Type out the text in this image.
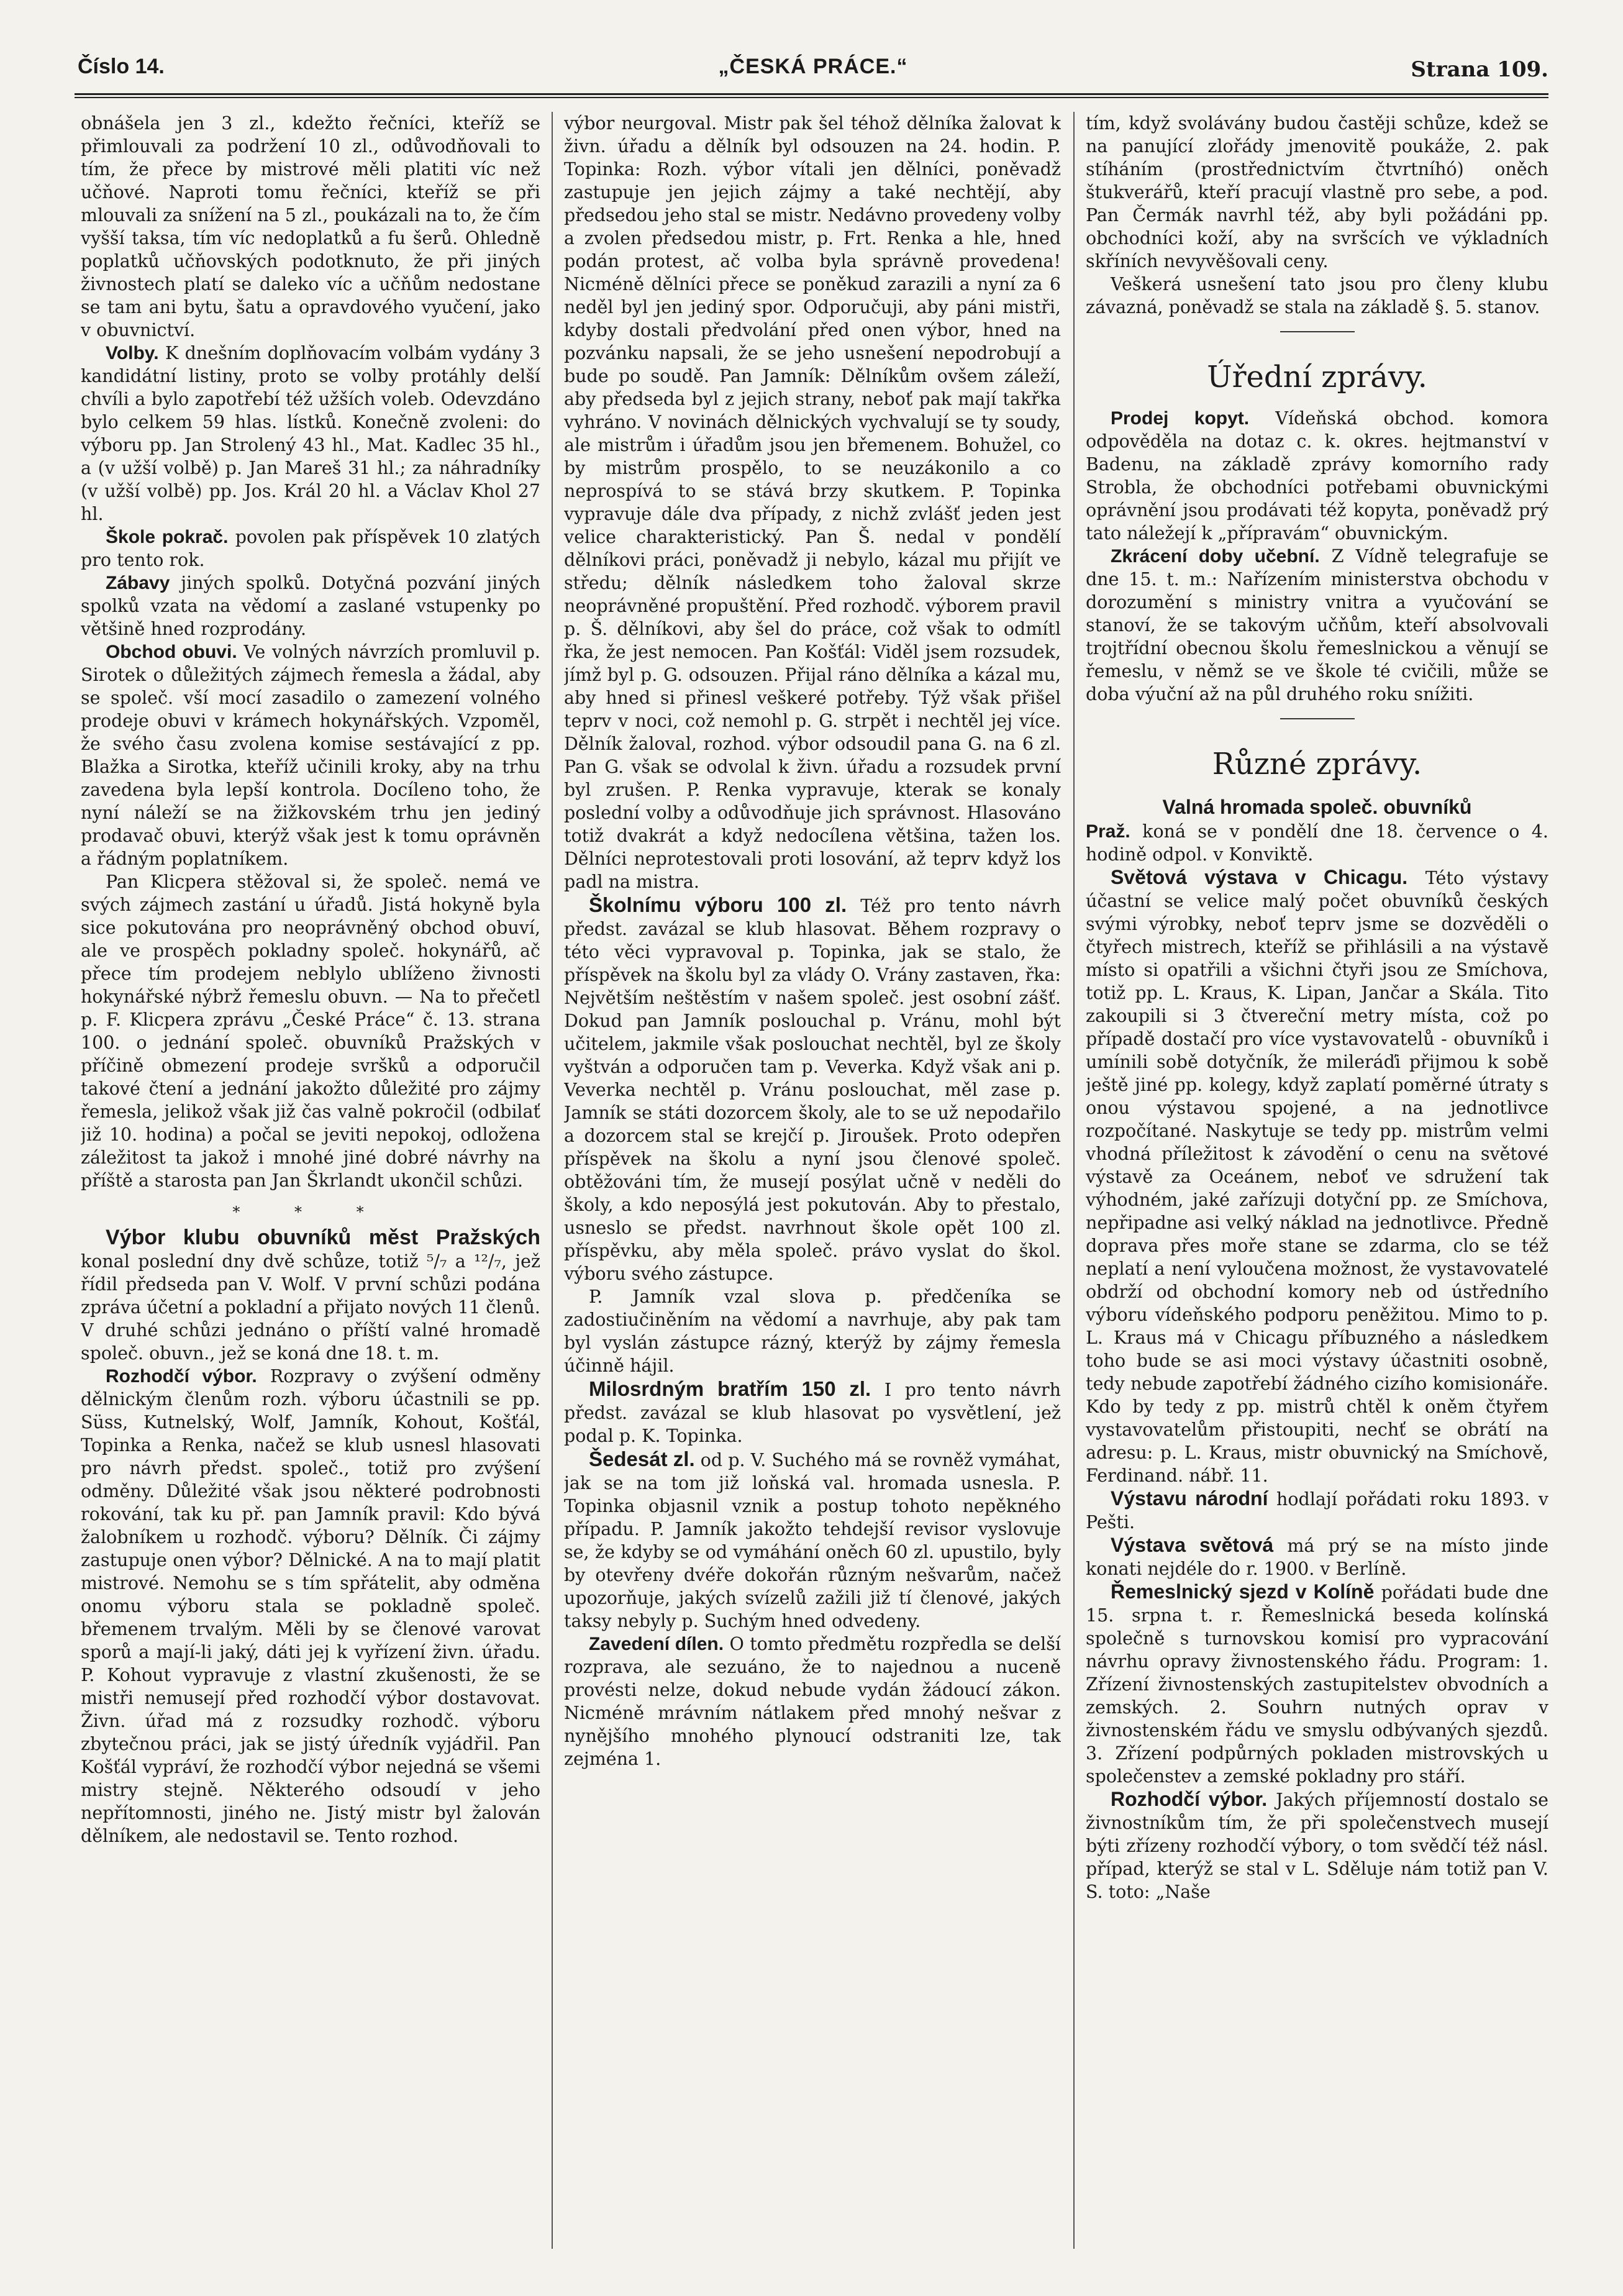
Číslo 14.	„ČESKÁ PRÁCE.“	Strana 109.

obnášela jen 3 zl., kdežto řečníci, kteříž se přimlouvali za podržení 10 zl., odůvodňovali to tím, že přece by mistrové měli platiti víc než učňové. Naproti tomu řečníci, kteříž se při mlouvali za snížení na 5 zl., poukázali na to, že čím vyšší taksa, tím víc nedoplatků a fu šerů. Ohledně poplatků učňovských podotknuto, že při jiných živnostech platí se daleko víc a učňům nedostane se tam ani bytu, šatu a opravdového vyučení, jako v obuvnictví.

Volby. K dnešním doplňovacím volbám vydány 3 kandidátní listiny, proto se volby protáhly delší chvíli a bylo zapotřebí též užších voleb. Odevzdáno bylo celkem 59 hlas. lístků. Konečně zvoleni: do výboru pp. Jan Strolený 43 hl., Mat. Kadlec 35 hl., a (v užší volbě) p. Jan Mareš 31 hl.; za náhradníky (v užší volbě) pp. Jos. Král 20 hl. a Václav Khol 27 hl.

Škole pokrač. povolen pak příspěvek 10 zlatých pro tento rok.

Zábavy jiných spolků. Dotyčná pozvání jiných spolků vzata na vědomí a zaslané vstupenky po většině hned rozprodány.

Obchod obuvi. Ve volných návrzích promluvil p. Sirotek o důležitých zájmech řemesla a žádal, aby se společ. vší mocí zasadilo o zamezení volného prodeje obuvi v krámech hokynářských. Vzpoměl, že svého času zvolena komise sestávající z pp. Blažka a Sirotka, kteříž učinili kroky, aby na trhu zavedena byla lepší kontrola. Docíleno toho, že nyní náleží se na žižkovském trhu jen jediný prodavač obuvi, kterýž však jest k tomu oprávněn a řádným poplatníkem.

Pan Klicpera stěžoval si, že společ. nemá ve svých zájmech zastání u úřadů. Jistá hokyně byla sice pokutována pro neoprávněný obchod obuví, ale ve prospěch pokladny společ. hokynářů, ač přece tím prodejem neblylo ublíženo živnosti hokynářské nýbrž řemeslu obuvn. — Na to přečetl p. F. Klicpera zprávu „České Práce“ č. 13. strana 100. o jednání společ. obuvníků Pražských v příčině obmezení prodeje svršků a odporučil takové čtení a jednání jakožto důležité pro zájmy řemesla, jelikož však již čas valně pokročil (odbilať již 10. hodina) a počal se jeviti nepokoj, odložena záležitost ta jakož i mnohé jiné dobré návrhy na příště a starosta pan Jan Škrlandt ukončil schůzi.

* * *

Výbor klubu obuvníků měst Pražských konal poslední dny dvě schůze, totiž ⁵/₇ a ¹²/₇, jež řídil předseda pan V. Wolf. V první schůzi podána zpráva účetní a pokladní a přijato nových 11 členů. V druhé schůzi jednáno o příští valné hromadě společ. obuvn., jež se koná dne 18. t. m.

Rozhodčí výbor. Rozpravy o zvýšení odměny dělnickým členům rozh. výboru účastnili se pp. Süss, Kutnelský, Wolf, Jamník, Kohout, Košťál, Topinka a Renka, načež se klub usnesl hlasovati pro návrh předst. společ., totiž pro zvýšení odměny. Důležité však jsou některé podrobnosti rokování, tak ku př. pan Jamník pravil: Kdo bývá žalobníkem u rozhodč. výboru? Dělník. Či zájmy zastupuje onen výbor? Dělnické. A na to mají platit mistrové. Nemohu se s tím spřátelit, aby odměna onomu výboru stala se pokladně společ. břemenem trvalým. Měli by se členové varovat sporů a mají-li jaký, dáti jej k vyřízení živn. úřadu. P. Kohout vypravuje z vlastní zkušenosti, že se mistři nemusejí před rozhodčí výbor dostavovat. Živn. úřad má z rozsudky rozhodč. výboru zbytečnou práci, jak se jistý úředník vyjádřil. Pan Košťál vypráví, že rozhodčí výbor nejedná se všemi mistry stejně. Některého odsoudí v jeho nepřítomnosti, jiného ne. Jistý mistr byl žalován dělníkem, ale nedostavil se. Tento rozhod.

výbor neurgoval. Mistr pak šel téhož dělníka žalovat k živn. úřadu a dělník byl odsouzen na 24. hodin. P. Topinka: Rozh. výbor vítali jen dělníci, poněvadž zastupuje jen jejich zájmy a také nechtějí, aby předsedou jeho stal se mistr. Nedávno provedeny volby a zvolen předsedou mistr, p. Frt. Renka a hle, hned podán protest, ač volba byla správně provedena! Nicméně dělníci přece se poněkud zarazili a nyní za 6 neděl byl jen jediný spor. Odporučuji, aby páni mistři, kdyby dostali předvolání před onen výbor, hned na pozvánku napsali, že se jeho usnešení nepodrobují a bude po soudě. Pan Jamník: Dělníkům ovšem záleží, aby předseda byl z jejich strany, neboť pak mají takřka vyhráno. V novinách dělnických vychvalují se ty soudy, ale mistrům i úřadům jsou jen břemenem. Bohužel, co by mistrům prospělo, to se neuzákonilo a co neprospívá to se stává brzy skutkem. P. Topinka vypravuje dále dva případy, z nichž zvlášť jeden jest velice charakteristický. Pan Š. nedal v pondělí dělníkovi práci, poněvadž ji nebylo, kázal mu přijít ve středu; dělník následkem toho žaloval skrze neoprávněné propuštění. Před rozhodč. výborem pravil p. Š. dělníkovi, aby šel do práce, což však to odmítl řka, že jest nemocen. Pan Košťál: Viděl jsem rozsudek, jímž byl p. G. odsouzen. Přijal ráno dělníka a kázal mu, aby hned si přinesl veškeré potřeby. Týž však přišel teprv v noci, což nemohl p. G. strpět i nechtěl jej více. Dělník žaloval, rozhod. výbor odsoudil pana G. na 6 zl. Pan G. však se odvolal k živn. úřadu a rozsudek první byl zrušen. P. Renka vypravuje, kterak se konaly poslední volby a odůvodňuje jich správnost. Hlasováno totiž dvakrát a když nedocílena většina, tažen los. Dělníci neprotestovali proti losování, až teprv když los padl na mistra.

Školnímu výboru 100 zl. Též pro tento návrh předst. zavázal se klub hlasovat. Během rozpravy o této věci vypravoval p. Topinka, jak se stalo, že příspěvek na školu byl za vlády O. Vrány zastaven, řka: Největším neštěstím v našem společ. jest osobní zášť. Dokud pan Jamník poslouchal p. Vránu, mohl být učitelem, jakmile však poslouchat nechtěl, byl ze školy vyštván a odporučen tam p. Veverka. Když však ani p. Veverka nechtěl p. Vránu poslouchat, měl zase p. Jamník se státi dozorcem školy, ale to se už nepodařilo a dozorcem stal se krejčí p. Jiroušek. Proto odepřen příspěvek na školu a nyní jsou členové společ. obtěžováni tím, že musejí posýlat učně v neděli do školy, a kdo neposýlá jest pokutován. Aby to přestalo, usneslo se předst. navrhnout škole opět 100 zl. příspěvku, aby měla společ. právo vyslat do škol. výboru svého zástupce.

P. Jamník vzal slova p. předčeníka se zadostiučiněním na vědomí a navrhuje, aby pak tam byl vyslán zástupce rázný, kterýž by zájmy řemesla účinně hájil.

Milosrdným bratřím 150 zl. I pro tento návrh předst. zavázal se klub hlasovat po vysvětlení, jež podal p. K. Topinka.

Šedesát zl. od p. V. Suchého má se rovněž vymáhat, jak se na tom již loňská val. hromada usnesla. P. Topinka objasnil vznik a postup tohoto nepěkného případu. P. Jamník jakožto tehdejší revisor vyslovuje se, že kdyby se od vymáhání oněch 60 zl. upustilo, byly by otevřeny dvéře dokořán různým nešvarům, načež upozorňuje, jakých svízelů zažili již tí členové, jakých taksy nebyly p. Suchým hned odvedeny.

Zavedení dílen. O tomto předmětu rozpředla se delší rozprava, ale sezuáno, že to najednou a nuceně provésti nelze, dokud nebude vydán žádoucí zákon. Nicméně mrávním nátlakem před mnohý nešvar z nynějšího mnohého plynoucí odstraniti lze, tak zejména 1.

tím, když svolávány budou častěji schůze, kdež se na panující zlořády jmenovitě poukáže, 2. pak stíháním (prostřednictvím čtvrtníhó) oněch štukverářů, kteří pracují vlastně pro sebe, a pod. Pan Čermák navrhl též, aby byli požádáni pp. obchodníci koží, aby na svršcích ve výkladních skříních nevyvěšovali ceny.

Veškerá usnešení tato jsou pro členy klubu závazná, poněvadž se stala na základě §. 5. stanov.

Úřední zprávy.

Prodej kopyt. Vídeňská obchod. komora odpověděla na dotaz c. k. okres. hejtmanství v Badenu, na základě zprávy komorního rady Strobla, že obchodníci potřebami obuvnickými oprávnění jsou prodávati též kopyta, poněvadž prý tato náležejí k „přípravám“ obuvnickým.

Zkrácení doby učební. Z Vídně telegrafuje se dne 15. t. m.: Nařízením ministerstva obchodu v dorozumění s ministry vnitra a vyučování se stanoví, že se takovým učňům, kteří absolvovali trojtřídní obecnou školu řemeslnickou a věnují se řemeslu, v němž se ve škole té cvičili, může se doba výuční až na půl druhého roku snížiti.

Různé zprávy.
Valná hromada společ. obuvníků

Praž. koná se v pondělí dne 18. července o 4. hodině odpol. v Konviktě.

Světová výstava v Chicagu. Této výstavy účastní se velice malý počet obuvníků českých svými výrobky, neboť teprv jsme se dozvěděli o čtyřech mistrech, kteříž se přihlásili a na výstavě místo si opatřili a všichni čtyři jsou ze Smíchova, totiž pp. L. Kraus, K. Lipan, Jančar a Skála. Tito zakoupili si 3 čtvereční metry místa, což po případě dostačí pro více vystavovatelů - obuvníků i umínili sobě dotyčník, že mileráďi přijmou k sobě ještě jiné pp. kolegy, když zaplatí poměrné útraty s onou výstavou spojené, a na jednotlivce rozpočítané. Naskytuje se tedy pp. mistrům velmi vhodná příležitost k závodění o cenu na světové výstavě za Oceánem, neboť ve sdružení tak výhodném, jaké zařízuji dotyční pp. ze Smíchova, nepřipadne asi velký náklad na jednotlivce. Předně doprava přes moře stane se zdarma, clo se též neplatí a není vyloučena možnost, že vystavovatelé obdrží od obchodní komory neb od ústředního výboru vídeňského podporu peněžitou. Mimo to p. L. Kraus má v Chicagu příbuzného a následkem toho bude se asi moci výstavy účastniti osobně, tedy nebude zapotřebí žádného cizího komisionáře. Kdo by tedy z pp. mistrů chtěl k oněm čtyřem vystavovatelům přistoupiti, nechť se obrátí na adresu: p. L. Kraus, mistr obuvnický na Smíchově, Ferdinand. nábř. 11.

Výstavu národní hodlají pořádati roku 1893. v Pešti.

Výstava světová má prý se na místo jinde konati nejdéle do r. 1900. v Berlíně.

Řemeslnický sjezd v Kolíně pořádati bude dne 15. srpna t. r. Řemeslnická beseda kolínská společně s turnovskou komisí pro vypracování návrhu opravy živnostenského řádu. Program: 1. Zřízení živnostenských zastupitelstev obvodních a zemských. 2. Souhrn nutných oprav v živnostenském řádu ve smyslu odbývaných sjezdů. 3. Zřízení podpůrných pokladen mistrovských u společenstev a zemské pokladny pro stáří.

Rozhodčí výbor. Jakých příjemností dostalo se živnostníkům tím, že při společenstvech musejí býti zřízeny rozhodčí výbory, o tom svědčí též násl. případ, kterýž se stal v L. Sděluje nám totiž pan V. S. toto: „Naše
